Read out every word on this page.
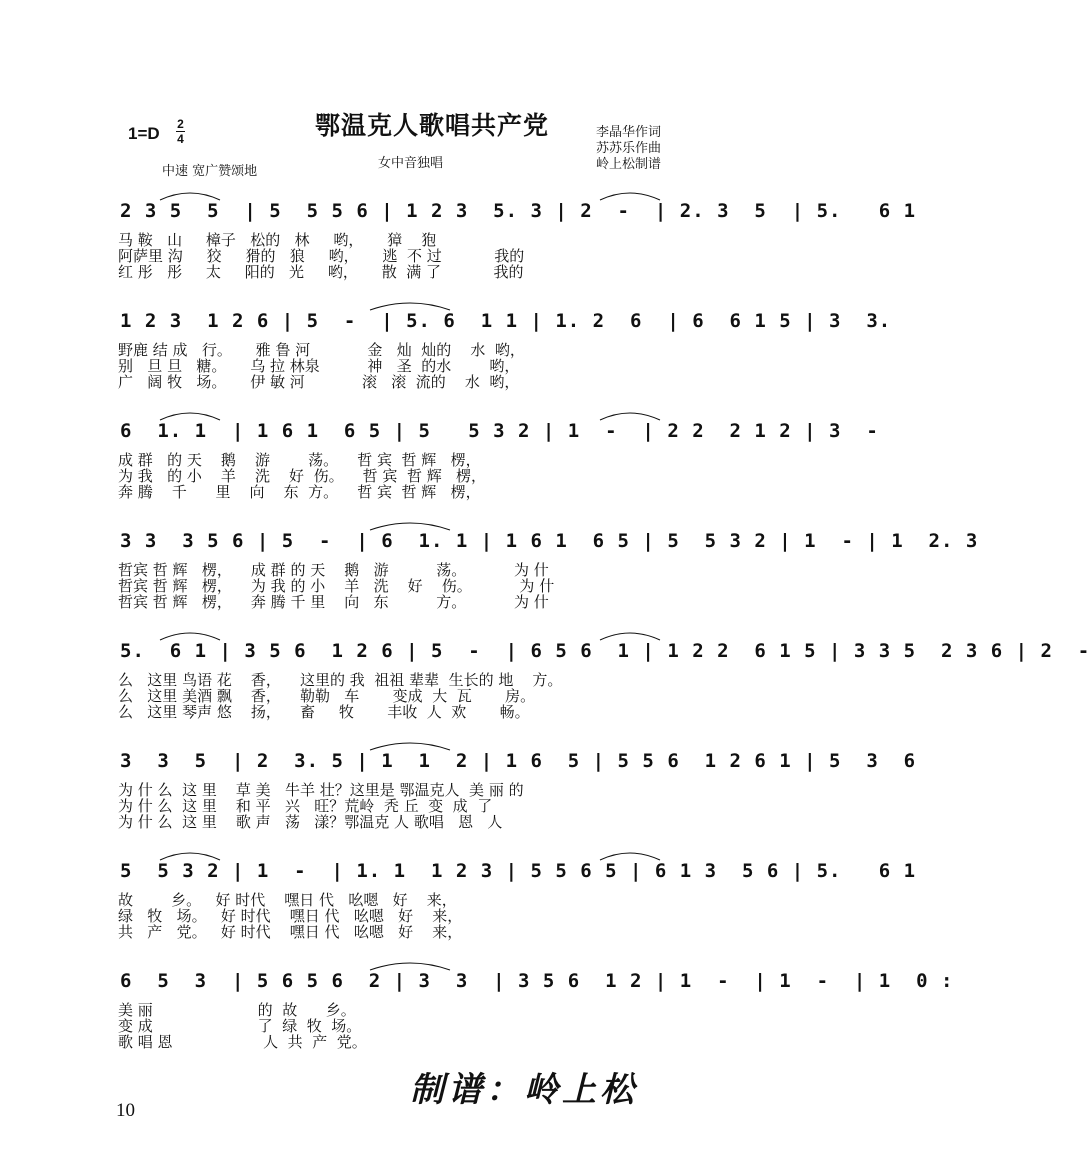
1=D 2
4	鄂温克人歌唱共产党
女中音独唱
中速 宽广赞颂地
李晶华作词
苏苏乐作曲
岭上松制谱
2 3 5  5  | 5  5 5 6 | 1 2 3  5. 3 | 2  -  | 2. 3  5  | 5.   6 1
马 鞍   山     樟子   松的   林     哟，     獐    狍
阿萨里 沟     狡     猾的   狼     哟，     逃  不 过           我的
红 彤   彤     太     阳的   光     哟，     散  满 了           我的
1 2 3  1 2 6 | 5  -  | 5. 6  1 1 | 1. 2  6  | 6  6 1 5 | 3  3.
野鹿 结 成   行。     雅 鲁 河            金   灿  灿的    水  哟，
别   旦 旦   糖。     乌 拉 林泉          神   圣  的水        哟，
广   阔 牧   场。     伊 敏 河            滚   滚  流的    水  哟，
6  1. 1  | 1 6 1  6 5 | 5   5 3 2 | 1  -  | 2 2  2 1 2 | 3  -
成 群   的 天    鹅    游        荡。    哲 宾  哲 辉   楞，
为 我   的 小    羊    洗    好  伤。    哲 宾  哲 辉   楞，
奔 腾    千      里    向    东  方。    哲 宾  哲 辉   楞，
3 3  3 5 6 | 5  -  | 6  1. 1 | 1 6 1  6 5 | 5  5 3 2 | 1  - | 1  2. 3
哲宾 哲 辉   楞，    成 群 的 天    鹅   游          荡。          为 什
哲宾 哲 辉   楞，    为 我 的 小    羊   洗    好    伤。          为 什
哲宾 哲 辉   楞，    奔 腾 千 里    向   东          方。          为 什
5.  6 1 | 3 5 6  1 2 6 | 5  -  | 6 5 6  1 | 1 2 2  6 1 5 | 3 3 5  2 3 6 | 2  -
么   这里 鸟语 花    香，    这里的 我  祖祖 辈辈  生长的 地    方。
么   这里 美酒 飘    香，    勒勒   车       变成  大  瓦       房。
么   这里 琴声 悠    扬，    畜     牧       丰收  人  欢       畅。
3  3  5  | 2  3. 5 | 1  1  2 | 1 6  5 | 5 5 6  1 2 6 1 | 5  3  6
为 什 么  这 里    草 美   牛羊 壮？这里是 鄂温克人  美 丽 的
为 什 么  这 里    和 平   兴   旺？荒岭  秃 丘  变  成  了
为 什 么  这 里    歌 声   荡   漾？鄂温克 人 歌唱   恩   人
5  5 3 2 | 1  -  | 1. 1  1 2 3 | 5 5 6 5 | 6 1 3  5 6 | 5.   6 1
故        乡。   好 时代    嘿日 代   吆嗯   好    来，
绿   牧   场。   好 时代    嘿日 代   吆嗯   好    来，
共   产   党。   好 时代    嘿日 代   吆嗯   好    来，
6  5  3  | 5 6 5 6  2 | 3  3  | 3 5 6  1 2 | 1  -  | 1  -  | 1  0 :
美 丽                      的  故      乡。
变 成                      了  绿  牧  场。
歌 唱 恩                   人  共  产  党。
制谱：岭上松
10
